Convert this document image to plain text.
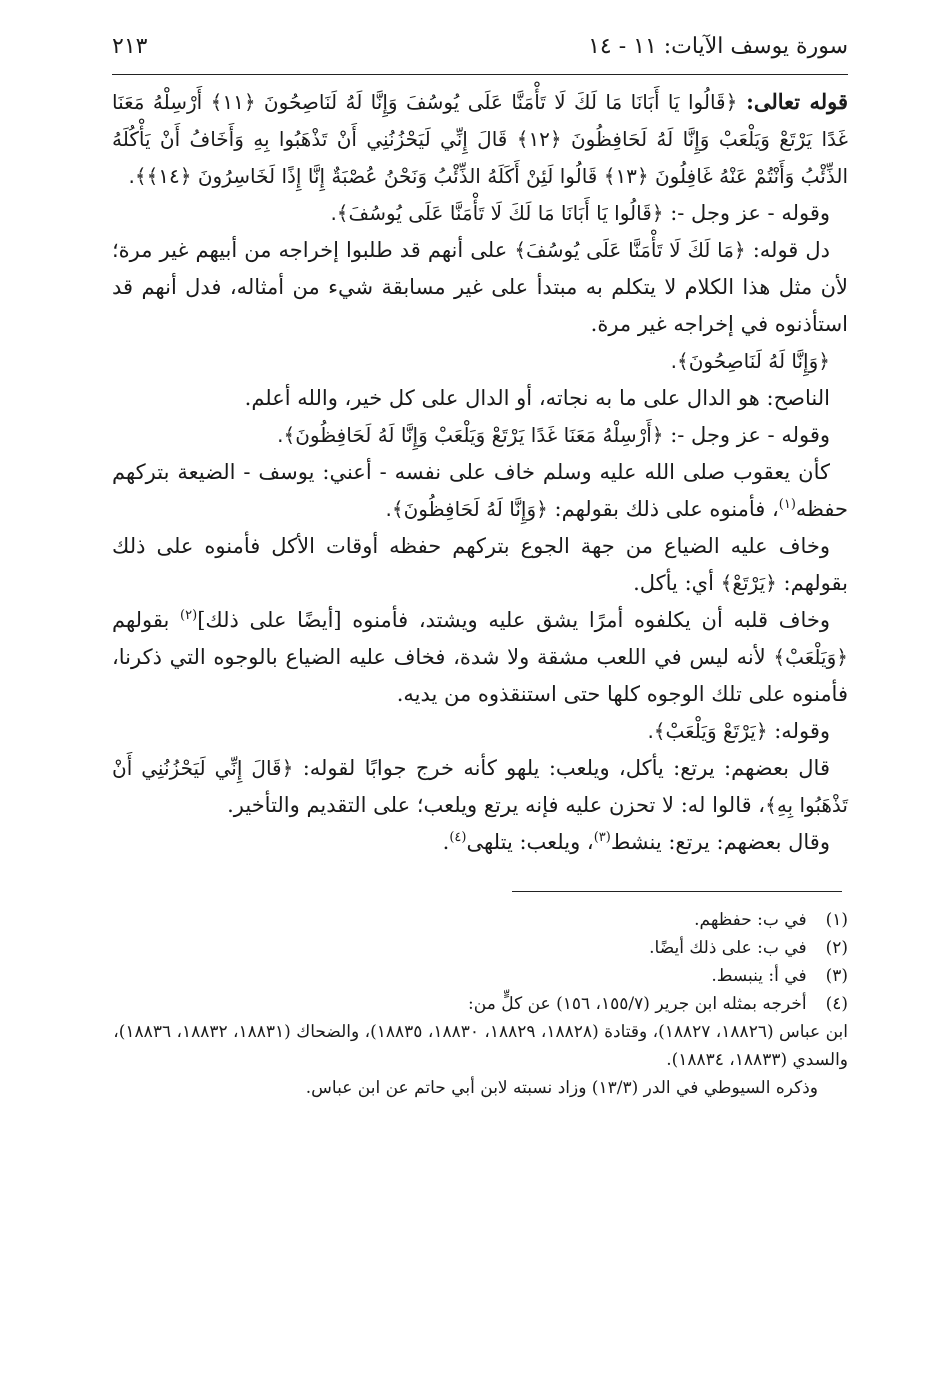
سورة يوسف الآيات: ١١ - ١٤
٢١٣

قوله تعالى: ﴿قَالُوا يَا أَبَانَا مَا لَكَ لَا تَأْمَنَّا عَلَى يُوسُفَ وَإِنَّا لَهُ لَنَاصِحُونَ ﴿١١﴾ أَرْسِلْهُ مَعَنَا غَدًا يَرْتَعْ وَيَلْعَبْ وَإِنَّا لَهُ لَحَافِظُونَ ﴿١٢﴾ قَالَ إِنِّي لَيَحْزُنُنِي أَنْ تَذْهَبُوا بِهِ وَأَخَافُ أَنْ يَأْكُلَهُ الذِّئْبُ وَأَنْتُمْ عَنْهُ غَافِلُونَ ﴿١٣﴾ قَالُوا لَئِنْ أَكَلَهُ الذِّئْبُ وَنَحْنُ عُصْبَةٌ إِنَّا إِذًا لَخَاسِرُونَ ﴿١٤﴾﴾.

وقوله - عز وجل -: ﴿قَالُوا يَا أَبَانَا مَا لَكَ لَا تَأْمَنَّا عَلَى يُوسُفَ﴾.

دل قوله: ﴿مَا لَكَ لَا تَأْمَنَّا عَلَى يُوسُفَ﴾ على أنهم قد طلبوا إخراجه من أبيهم غير مرة؛ لأن مثل هذا الكلام لا يتكلم به مبتدأ على غير مسابقة شيء من أمثاله، فدل أنهم قد استأذنوه في إخراجه غير مرة.

﴿وَإِنَّا لَهُ لَنَاصِحُونَ﴾.

الناصح: هو الدال على ما به نجاته، أو الدال على كل خير، والله أعلم.

وقوله - عز وجل -: ﴿أَرْسِلْهُ مَعَنَا غَدًا يَرْتَعْ وَيَلْعَبْ وَإِنَّا لَهُ لَحَافِظُونَ﴾.

كأن يعقوب صلى الله عليه وسلم خاف على نفسه - أعني: يوسف - الضيعة بتركهم حفظه$^{(١)}$، فأمنوه على ذلك بقولهم: ﴿وَإِنَّا لَهُ لَحَافِظُونَ﴾.

وخاف عليه الضياع من جهة الجوع بتركهم حفظه أوقات الأكل فأمنوه على ذلك بقولهم: ﴿يَرْتَعْ﴾ أي: يأكل.

وخاف قلبه أن يكلفوه أمرًا يشق عليه ويشتد، فأمنوه [أيضًا على ذلك]$^{(٢)}$ بقولهم ﴿وَيَلْعَبْ﴾ لأنه ليس في اللعب مشقة ولا شدة، فخاف عليه الضياع بالوجوه التي ذكرنا، فأمنوه على تلك الوجوه كلها حتى استنقذوه من يديه.

وقوله: ﴿يَرْتَعْ وَيَلْعَبْ﴾.

قال بعضهم: يرتع: يأكل، ويلعب: يلهو كأنه خرج جوابًا لقوله: ﴿قَالَ إِنِّي لَيَحْزُنُنِي أَنْ تَذْهَبُوا بِهِ﴾، قالوا له: لا تحزن عليه فإنه يرتع ويلعب؛ على التقديم والتأخير.

وقال بعضهم: يرتع: ينشط$^{(٣)}$، ويلعب: يتلهى$^{(٤)}$.

(١) في ب: حفظهم.
(٢) في ب: على ذلك أيضًا.
(٣) في أ: ينبسط.
(٤) أخرجه بمثله ابن جرير (١٥٥/٧، ١٥٦) عن كلٍّ من:
ابن عباس (١٨٨٢٦، ١٨٨٢٧)، وقتادة (١٨٨٢٨، ١٨٨٢٩، ١٨٨٣٠، ١٨٨٣٥)، والضحاك (١٨٨٣١، ١٨٨٣٢، ١٨٨٣٦)، والسدي (١٨٨٣٣، ١٨٨٣٤).
وذكره السيوطي في الدر (١٣/٣) وزاد نسبته لابن أبي حاتم عن ابن عباس.
